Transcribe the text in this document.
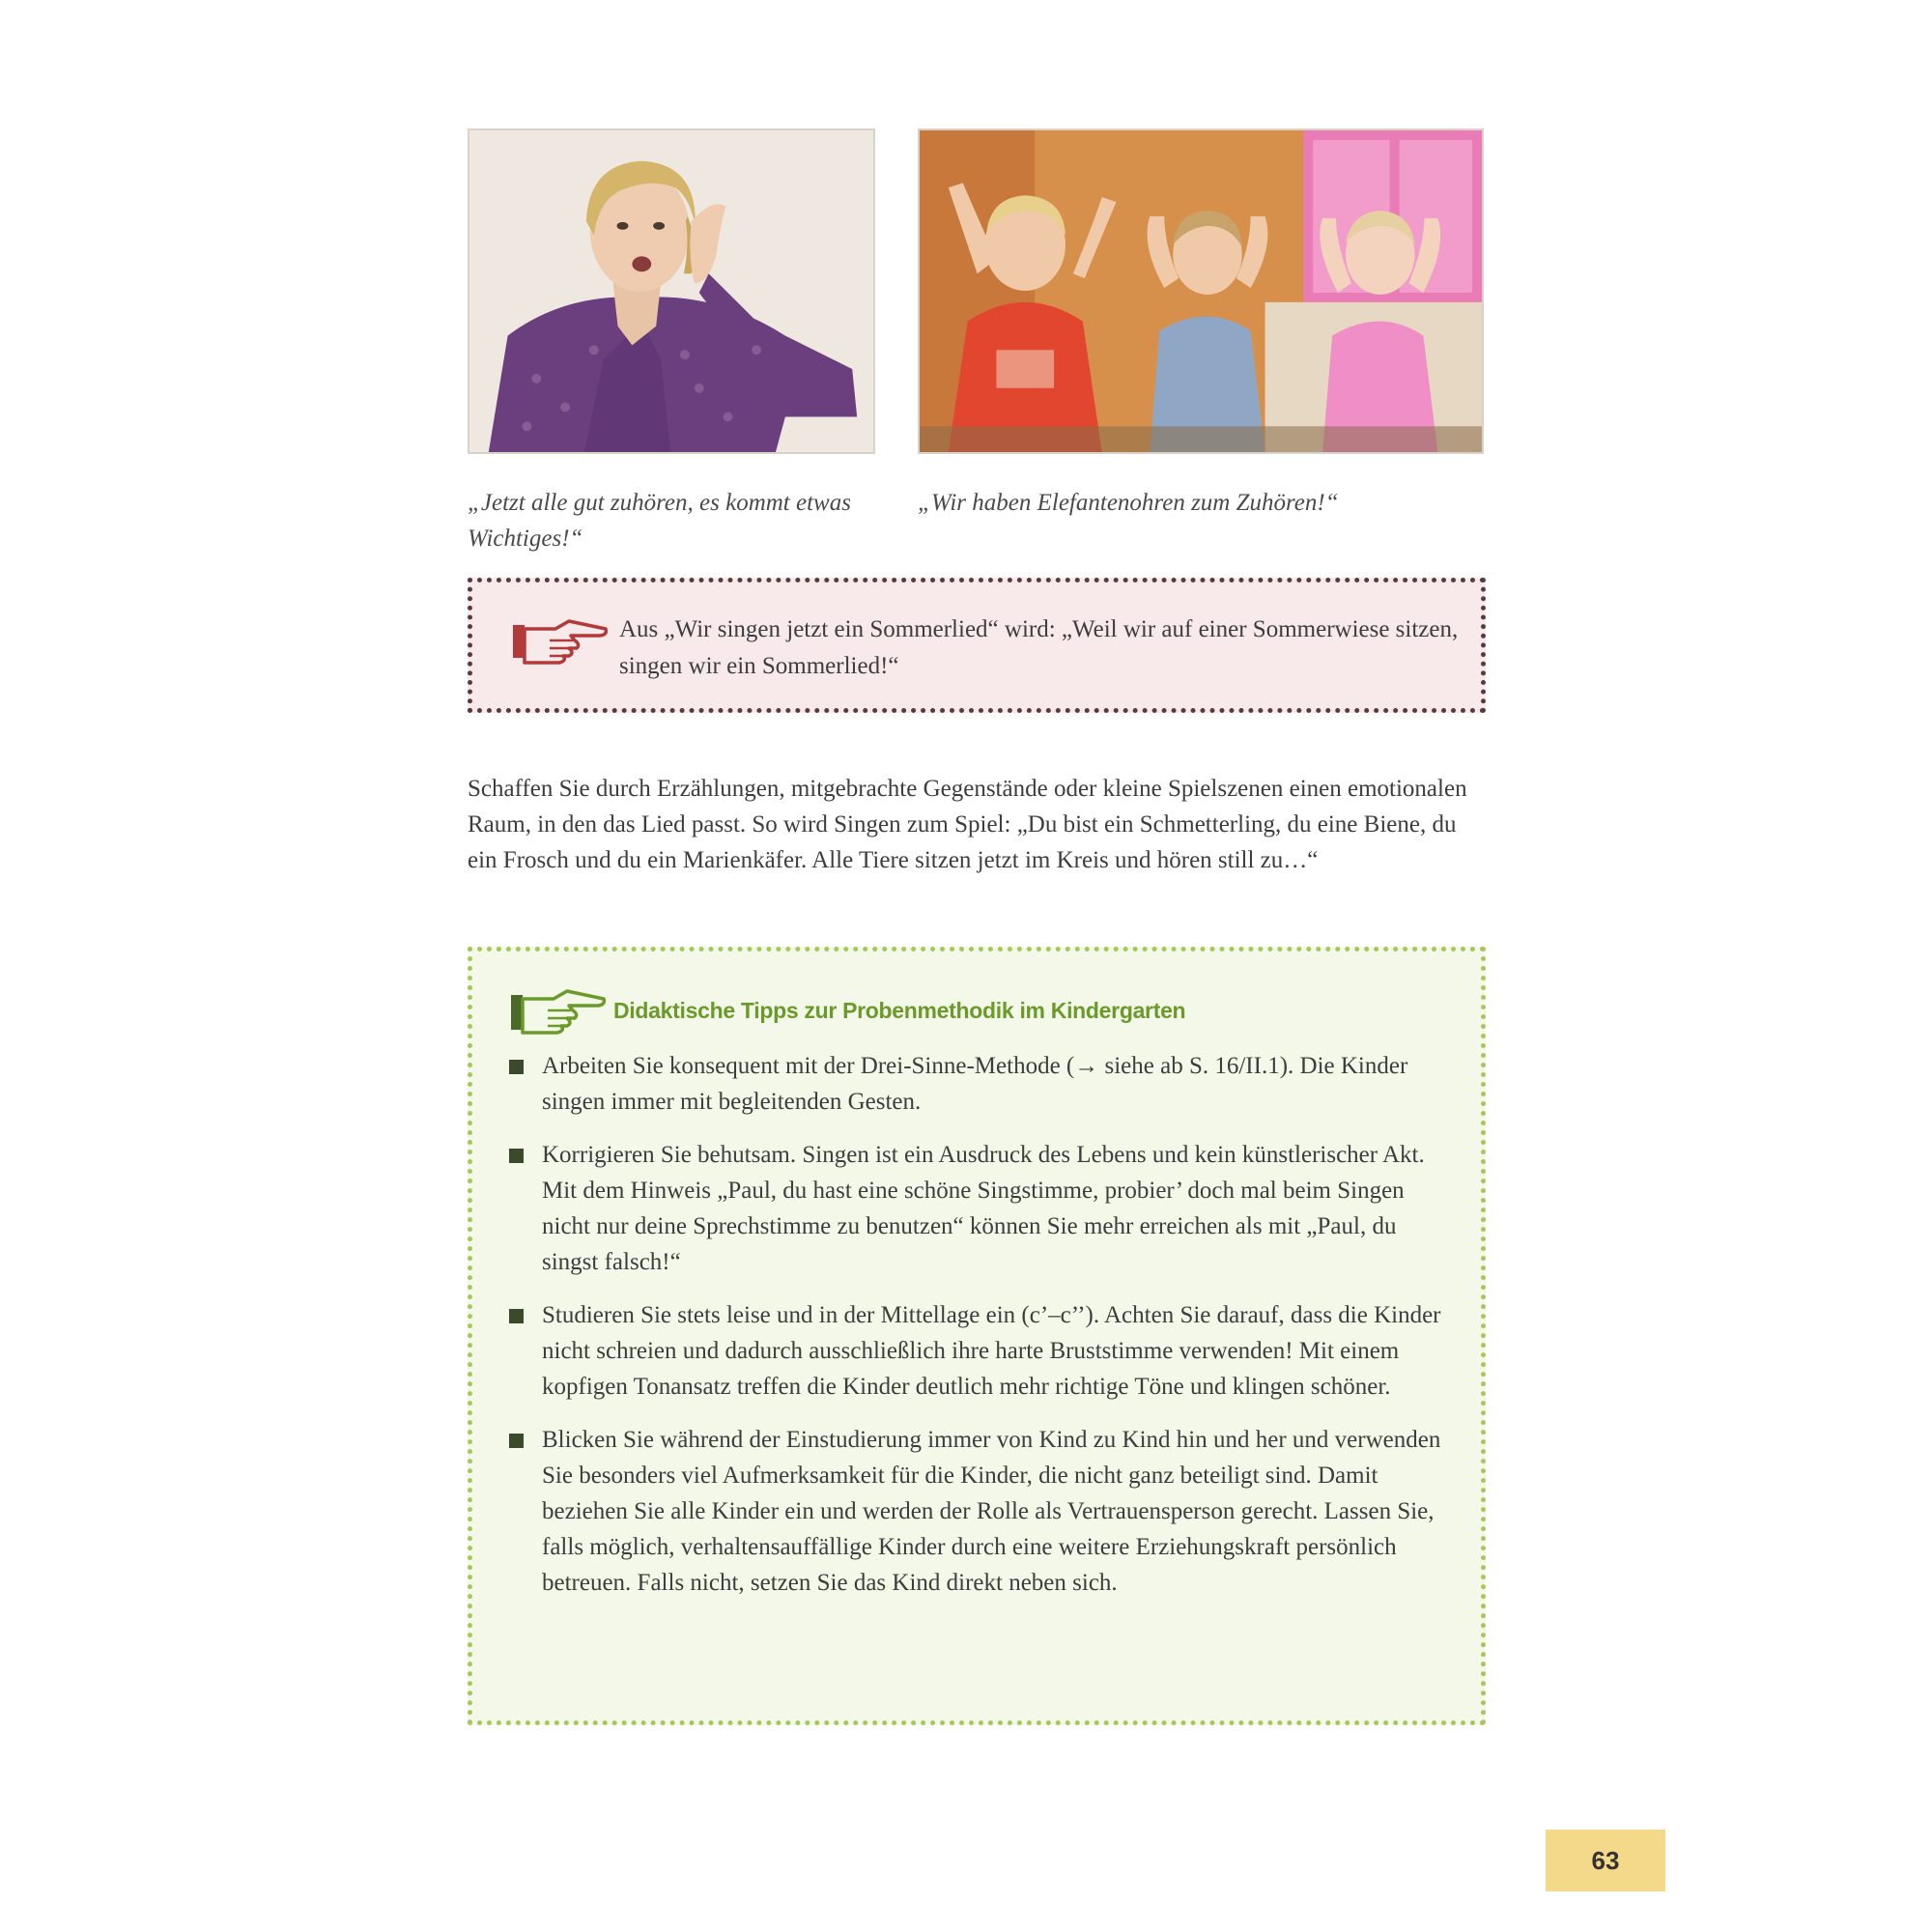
„Jetzt alle gut zuhören, es kommt etwas Wichtiges!“
„Wir haben Elefantenohren zum Zuhören!“
Aus „Wir singen jetzt ein Sommerlied“ wird: „Weil wir auf einer Sommerwiese sitzen, singen wir ein Sommerlied!“
Schaffen Sie durch Erzählungen, mitgebrachte Gegenstände oder kleine Spielszenen einen emotionalen Raum, in den das Lied passt. So wird Singen zum Spiel: „Du bist ein Schmetterling, du eine Biene, du ein Frosch und du ein Marienkäfer. Alle Tiere sitzen jetzt im Kreis und hören still zu…“
Didaktische Tipps zur Probenmethodik im Kindergarten
Arbeiten Sie konsequent mit der Drei-Sinne-Methode (→ siehe ab S. 16/II.1). Die Kinder singen immer mit begleitenden Gesten.
Korrigieren Sie behutsam. Singen ist ein Ausdruck des Lebens und kein künstlerischer Akt. Mit dem Hinweis „Paul, du hast eine schöne Singstimme, probier’ doch mal beim Singen nicht nur deine Sprechstimme zu benutzen“ können Sie mehr erreichen als mit „Paul, du singst falsch!“
Studieren Sie stets leise und in der Mittellage ein (c’–c’’). Achten Sie darauf, dass die Kinder nicht schreien und dadurch ausschließlich ihre harte Bruststimme verwenden! Mit einem kopfigen Tonansatz treffen die Kinder deutlich mehr richtige Töne und klingen schöner.
Blicken Sie während der Einstudierung immer von Kind zu Kind hin und her und verwenden Sie besonders viel Aufmerksamkeit für die Kinder, die nicht ganz beteiligt sind. Damit beziehen Sie alle Kinder ein und werden der Rolle als Vertrauensperson gerecht. Lassen Sie, falls möglich, verhaltensauffällige Kinder durch eine weitere Erziehungskraft persönlich betreuen. Falls nicht, setzen Sie das Kind direkt neben sich.
63
